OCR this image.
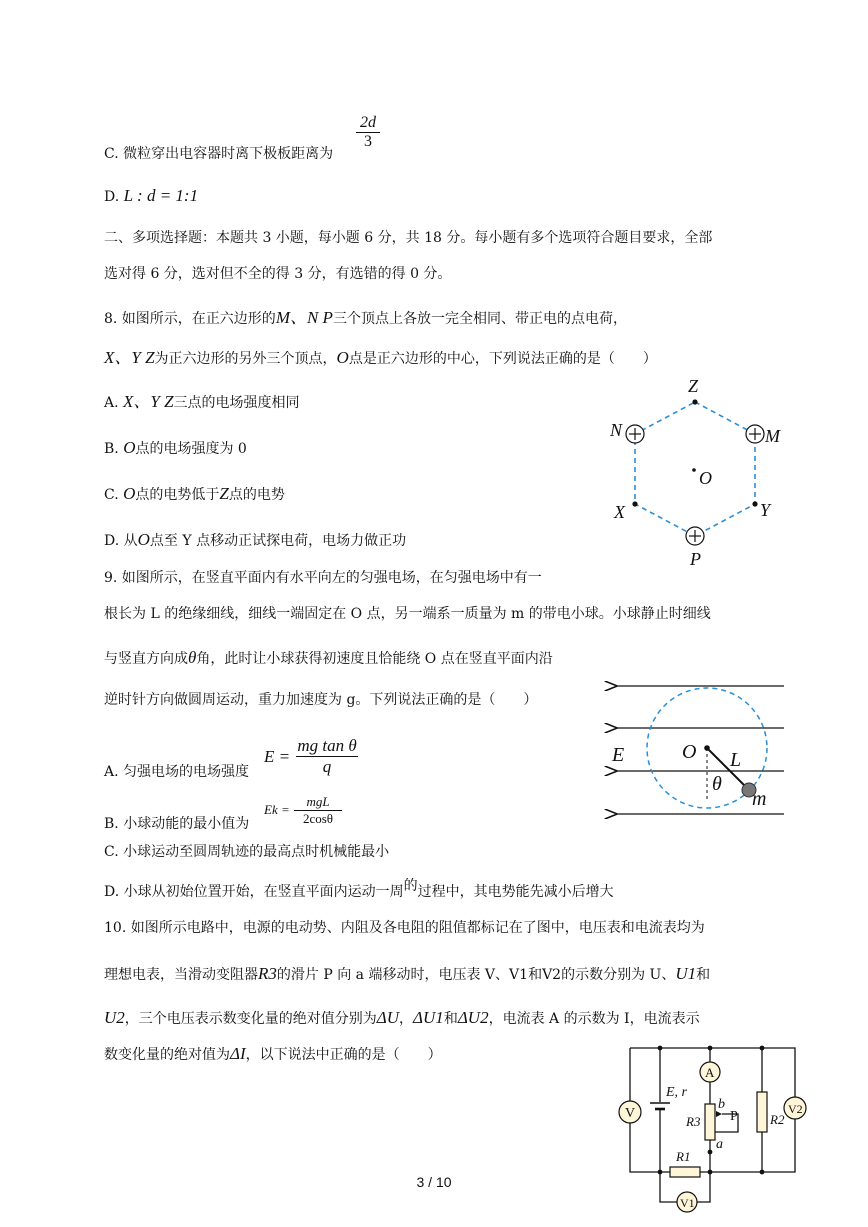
C. 微粒穿出电容器时离下极板距离为
$\frac{2d}{3}$
D. L : d = 1:1
二、多项选择题：本题共 3 小题，每小题 6 分，共 18 分。每小题有多个选项符合题目要求，全部
选对得 6 分，选对但不全的得 3 分，有选错的得 0 分。
8. 如图所示，在正六边形的M、N P三个顶点上各放一完全相同、带正电的点电荷，
X、Y Z为正六边形的另外三个顶点，O点是正六边形的中心，下列说法正确的是（　　）
A. X、Y Z三点的电场强度相同
B. O点的电场强度为 0
C. O点的电势低于Z点的电势
D. 从O点至 Y 点移动正试探电荷，电场力做正功
Z
N	M
O
X	Y
P
9. 如图所示，在竖直平面内有水平向左的匀强电场，在匀强电场中有一
根长为 L 的绝缘细线，细线一端固定在 O 点，另一端系一质量为 m 的带电小球。小球静止时细线
与竖直方向成θ角，此时让小球获得初速度且恰能绕 O 点在竖直平面内沿
逆时针方向做圆周运动，重力加速度为 g。下列说法正确的是（　　）
A. 匀强电场的电场强度
$E = \frac{\text{mg tan θ}}{q}$
B. 小球动能的最小值为
Ek =
mgL
2cosθ
C. 小球运动至圆周轨迹的最高点时机械能最小
D. 小球从初始位置开始，在竖直平面内运动一周的过程中，其电势能先减小后增大
E	O L
θ
m
10. 如图所示电路中，电源的电动势、内阻及各电阻的阻值都标记在了图中，电压表和电流表均为
理想电表，当滑动变阻器R3的滑片 P 向 a 端移动时，电压表 V、V1和V2的示数分别为 U、U1和
U2，三个电压表示数变化量的绝对值分别为ΔU，ΔU1和ΔU2，电流表 A 的示数为 I，电流表示
数变化量的绝对值为ΔI，以下说法中正确的是（　　）
V
A
E, r
R3	R2
R1
b
a
P	V2
V1
3 / 10
